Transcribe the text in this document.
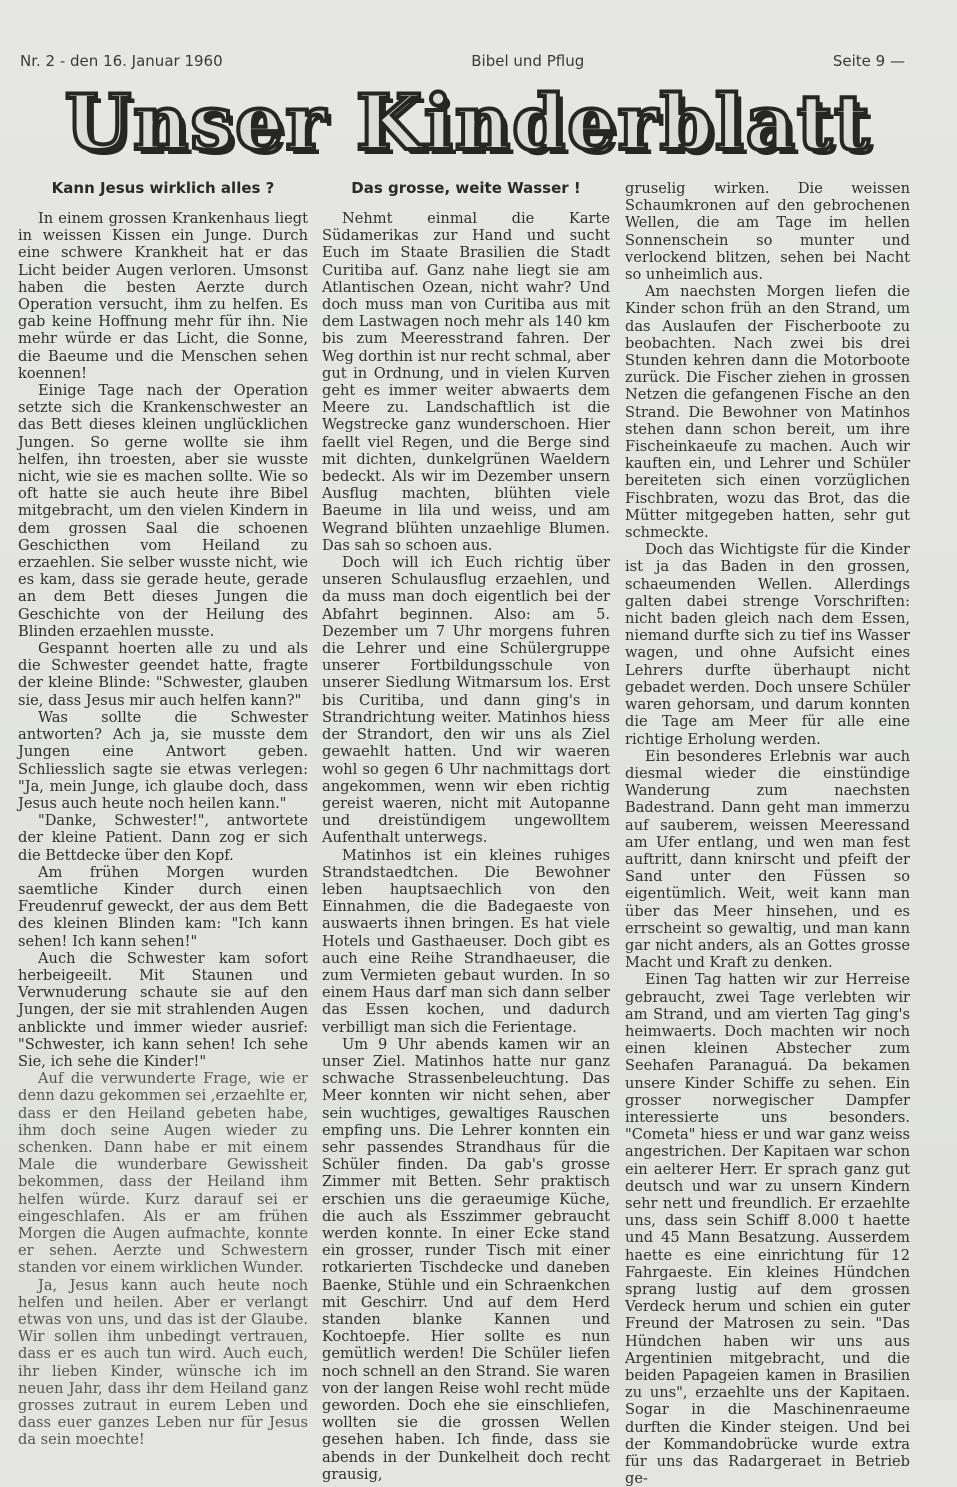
Nr. 2 - den 16. Januar 1960	Bibel und Pflug	Seite 9 —
Unser Kinderblatt
Kann Jesus wirklich alles ?

In einem grossen Krankenhaus liegt in weissen Kissen ein Junge. Durch eine schwere Krankheit hat er das Licht beider Augen verloren. Umsonst haben die besten Aerzte durch Operation versucht, ihm zu helfen. Es gab keine Hoffnung mehr für ihn. Nie mehr würde er das Licht, die Sonne, die Baeume und die Menschen sehen koennen!

Einige Tage nach der Operation setzte sich die Krankenschwester an das Bett dieses kleinen unglücklichen Jungen. So gerne wollte sie ihm helfen, ihn troesten, aber sie wusste nicht, wie sie es machen sollte. Wie so oft hatte sie auch heute ihre Bibel mitgebracht, um den vielen Kindern in dem grossen Saal die schoenen Geschicthen vom Heiland zu erzaehlen. Sie selber wusste nicht, wie es kam, dass sie gerade heute, gerade an dem Bett dieses Jungen die Geschichte von der Heilung des Blinden erzaehlen musste.

Gespannt hoerten alle zu und als die Schwester geendet hatte, fragte der kleine Blinde: "Schwester, glauben sie, dass Jesus mir auch helfen kann?"

Was sollte die Schwester antworten? Ach ja, sie musste dem Jungen eine Antwort geben. Schliesslich sagte sie etwas verlegen: "Ja, mein Junge, ich glaube doch, dass Jesus auch heute noch heilen kann."

"Danke, Schwester!", antwortete der kleine Patient. Dann zog er sich die Bettdecke über den Kopf.

Am frühen Morgen wurden saemtliche Kinder durch einen Freudenruf geweckt, der aus dem Bett des kleinen Blinden kam: "Ich kann sehen! Ich kann sehen!"

Auch die Schwester kam sofort herbeigeeilt. Mit Staunen und Verwnuderung schaute sie auf den Jungen, der sie mit strahlenden Augen anblickte und immer wieder ausrief: "Schwester, ich kann sehen! Ich sehe Sie, ich sehe die Kinder!"

Auf die verwunderte Frage, wie er denn dazu gekommen sei ,erzaehlte er, dass er den Heiland gebeten habe, ihm doch seine Augen wieder zu schenken. Dann habe er mit einem Male die wunderbare Gewissheit bekommen, dass der Heiland ihm helfen würde. Kurz darauf sei er eingeschlafen. Als er am frühen Morgen die Augen aufmachte, konnte er sehen. Aerzte und Schwestern standen vor einem wirklichen Wunder.

Ja, Jesus kann auch heute noch helfen und heilen. Aber er verlangt etwas von uns, und das ist der Glaube. Wir sollen ihm unbedingt vertrauen, dass er es auch tun wird. Auch euch, ihr lieben Kinder, wünsche ich im neuen Jahr, dass ihr dem Heiland ganz grosses zutraut in eurem Leben und dass euer ganzes Leben nur für Jesus da sein moechte!

Das grosse, weite Wasser !

Nehmt einmal die Karte Südamerikas zur Hand und sucht Euch im Staate Brasilien die Stadt Curitiba auf. Ganz nahe liegt sie am Atlantischen Ozean, nicht wahr? Und doch muss man von Curitiba aus mit dem Lastwagen noch mehr als 140 km bis zum Meeresstrand fahren. Der Weg dorthin ist nur recht schmal, aber gut in Ordnung, und in vielen Kurven geht es immer weiter abwaerts dem Meere zu. Landschaftlich ist die Wegstrecke ganz wunderschoen. Hier faellt viel Regen, und die Berge sind mit dichten, dunkelgrünen Waeldern bedeckt. Als wir im Dezember unsern Ausflug machten, blühten viele Baeume in lila und weiss, und am Wegrand blühten unzaehlige Blumen. Das sah so schoen aus.

Doch will ich Euch richtig über unseren Schulausflug erzaehlen, und da muss man doch eigentlich bei der Abfahrt beginnen. Also: am 5. Dezember um 7 Uhr morgens fuhren die Lehrer und eine Schülergruppe unserer Fortbildungsschule von unserer Siedlung Witmarsum los. Erst bis Curitiba, und dann ging's in Strandrichtung weiter. Matinhos hiess der Strandort, den wir uns als Ziel gewaehlt hatten. Und wir waeren wohl so gegen 6 Uhr nachmittags dort angekommen, wenn wir eben richtig gereist waeren, nicht mit Autopanne und dreistündigem ungewolltem Aufenthalt unterwegs.

Matinhos ist ein kleines ruhiges Strandstaedtchen. Die Bewohner leben hauptsaechlich von den Einnahmen, die die Badegaeste von auswaerts ihnen bringen. Es hat viele Hotels und Gasthaeuser. Doch gibt es auch eine Reihe Strandhaeuser, die zum Vermieten gebaut wurden. In so einem Haus darf man sich dann selber das Essen kochen, und dadurch verbilligt man sich die Ferientage.

Um 9 Uhr abends kamen wir an unser Ziel. Matinhos hatte nur ganz schwache Strassenbeleuchtung. Das Meer konnten wir nicht sehen, aber sein wuchtiges, gewaltiges Rauschen empfing uns. Die Lehrer konnten ein sehr passendes Strandhaus für die Schüler finden. Da gab's grosse Zimmer mit Betten. Sehr praktisch erschien uns die geraeumige Küche, die auch als Esszimmer gebraucht werden konnte. In einer Ecke stand ein grosser, runder Tisch mit einer rotkarierten Tischdecke und daneben Baenke, Stühle und ein Schraenkchen mit Geschirr. Und auf dem Herd standen blanke Kannen und Kochtoepfe. Hier sollte es nun gemütlich werden! Die Schüler liefen noch schnell an den Strand. Sie waren von der langen Reise wohl recht müde geworden. Doch ehe sie einschliefen, wollten sie die grossen Wellen gesehen haben. Ich finde, dass sie abends in der Dunkelheit doch recht grausig,

gruselig wirken. Die weissen Schaumkronen auf den gebrochenen Wellen, die am Tage im hellen Sonnenschein so munter und verlockend blitzen, sehen bei Nacht so unheimlich aus.

Am naechsten Morgen liefen die Kinder schon früh an den Strand, um das Auslaufen der Fischerboote zu beobachten. Nach zwei bis drei Stunden kehren dann die Motorboote zurück. Die Fischer ziehen in grossen Netzen die gefangenen Fische an den Strand. Die Bewohner von Matinhos stehen dann schon bereit, um ihre Fischeinkaeufe zu machen. Auch wir kauften ein, und Lehrer und Schüler bereiteten sich einen vorzüglichen Fischbraten, wozu das Brot, das die Mütter mitgegeben hatten, sehr gut schmeckte.

Doch das Wichtigste für die Kinder ist ja das Baden in den grossen, schaeumenden Wellen. Allerdings galten dabei strenge Vorschriften: nicht baden gleich nach dem Essen, niemand durfte sich zu tief ins Wasser wagen, und ohne Aufsicht eines Lehrers durfte überhaupt nicht gebadet werden. Doch unsere Schüler waren gehorsam, und darum konnten die Tage am Meer für alle eine richtige Erholung werden.

Ein besonderes Erlebnis war auch diesmal wieder die einstündige Wanderung zum naechsten Badestrand. Dann geht man immerzu auf sauberem, weissen Meeressand am Ufer entlang, und wen man fest auftritt, dann knirscht und pfeift der Sand unter den Füssen so eigentümlich. Weit, weit kann man über das Meer hinsehen, und es errscheint so gewaltig, und man kann gar nicht anders, als an Gottes grosse Macht und Kraft zu denken.

Einen Tag hatten wir zur Herreise gebraucht, zwei Tage verlebten wir am Strand, und am vierten Tag ging's heimwaerts. Doch machten wir noch einen kleinen Abstecher zum Seehafen Paranaguá. Da bekamen unsere Kinder Schiffe zu sehen. Ein grosser norwegischer Dampfer interessierte uns besonders. "Cometa" hiess er und war ganz weiss angestrichen. Der Kapitaen war schon ein aelterer Herr. Er sprach ganz gut deutsch und war zu unsern Kindern sehr nett und freundlich. Er erzaehlte uns, dass sein Schiff 8.000 t haette und 45 Mann Besatzung. Ausserdem haette es eine einrichtung für 12 Fahrgaeste. Ein kleines Hündchen sprang lustig auf dem grossen Verdeck herum und schien ein guter Freund der Matrosen zu sein. "Das Hündchen haben wir uns aus Argentinien mitgebracht, und die beiden Papageien kamen in Brasilien zu uns", erzaehlte uns der Kapitaen. Sogar in die Maschinenraeume durften die Kinder steigen. Und bei der Kommandobrücke wurde extra für uns das Radargeraet in Betrieb ge-
